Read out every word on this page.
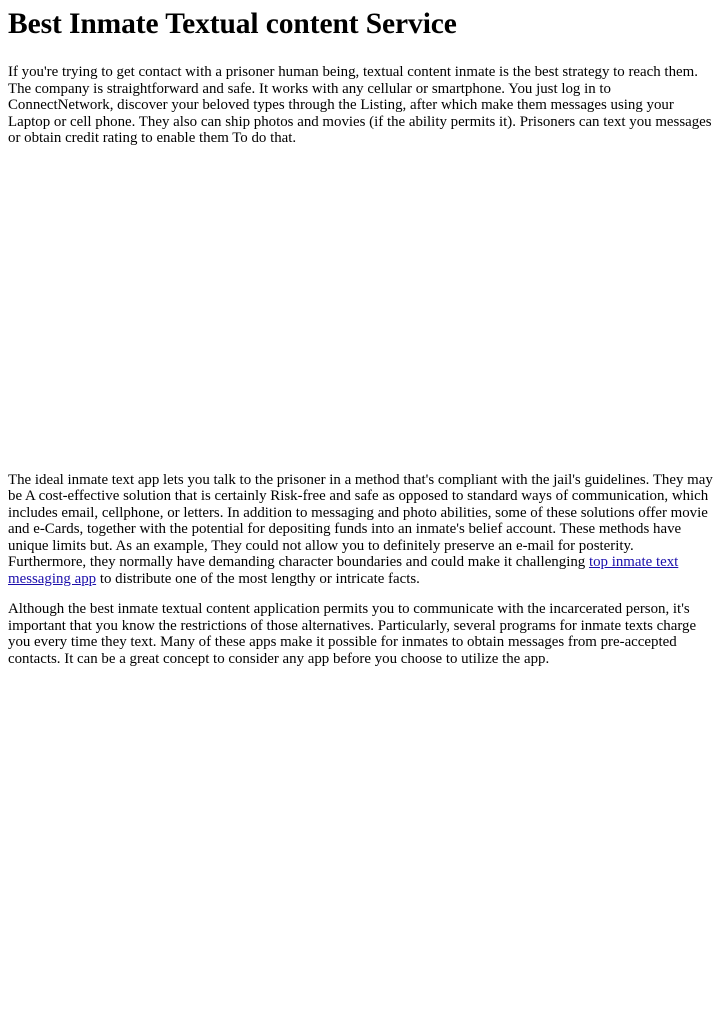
Best Inmate Textual content Service

If you're trying to get contact with a prisoner human being, textual content inmate is the best strategy to reach them. The company is straightforward and safe. It works with any cellular or smartphone. You just log in to ConnectNetwork, discover your beloved types through the Listing, after which make them messages using your Laptop or cell phone. They also can ship photos and movies (if the ability permits it). Prisoners can text you messages or obtain credit rating to enable them To do that.

The ideal inmate text app lets you talk to the prisoner in a method that's compliant with the jail's guidelines. They may be A cost-effective solution that is certainly Risk-free and safe as opposed to standard ways of communication, which includes email, cellphone, or letters. In addition to messaging and photo abilities, some of these solutions offer movie and e-Cards, together with the potential for depositing funds into an inmate's belief account. These methods have unique limits but. As an example, They could not allow you to definitely preserve an e-mail for posterity. Furthermore, they normally have demanding character boundaries and could make it challenging top inmate text messaging app to distribute one of the most lengthy or intricate facts.

Although the best inmate textual content application permits you to communicate with the incarcerated person, it's important that you know the restrictions of those alternatives. Particularly, several programs for inmate texts charge you every time they text. Many of these apps make it possible for inmates to obtain messages from pre-accepted contacts. It can be a great concept to consider any app before you choose to utilize the app.
